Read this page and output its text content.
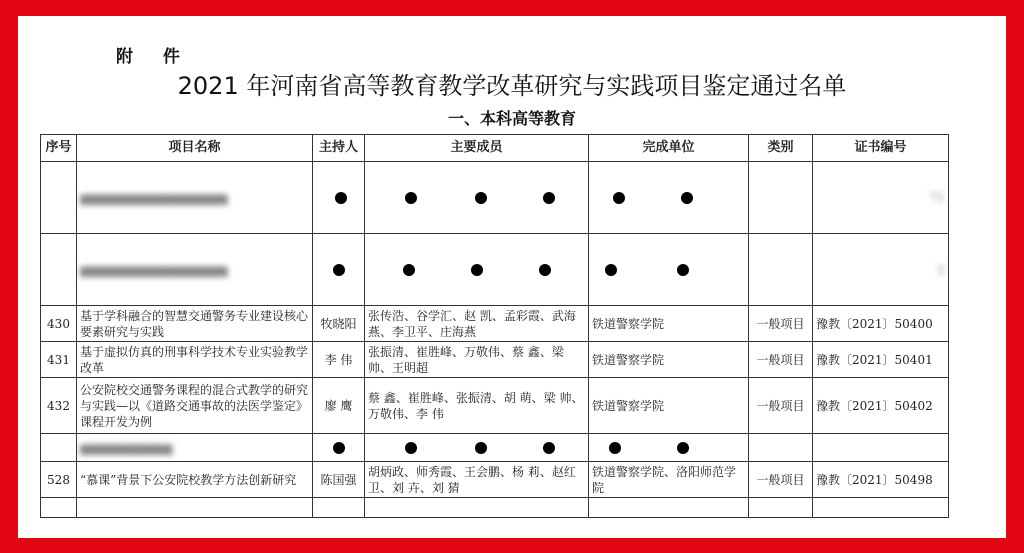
附 件
2021 年河南省高等教育教学改革研究与实践项目鉴定通过名单
一、本科高等教育
序号	项目名称	主持人	主要成员	完成单位	类别	证书编号

	▆▆▆▆▆▆▆▆▆▆▆▆▆▆▆▆					71

	▆▆▆▆▆▆▆▆▆▆▆▆▆▆▆▆					2
430	基于学科融合的智慧交通警务专业建设核心要素研究与实践	牧晓阳	张传浩、谷学汇、赵 凯、孟彩霞、武海燕、李卫平、庄海燕	铁道警察学院	一般项目	豫教〔2021〕50400
431	基于虚拟仿真的刑事科学技术专业实验教学改革	李 伟	张振清、崔胜峰、万敬伟、蔡 鑫、梁 帅、王明超	铁道警察学院	一般项目	豫教〔2021〕50401
432	公安院校交通警务课程的混合式教学的研究与实践—以《道路交通事故的法医学鉴定》课程开发为例	廖 鹰	蔡 鑫、崔胜峰、张振清、胡 萌、梁 帅、万敬伟、李 伟	铁道警察学院	一般项目	豫教〔2021〕50402

	▆▆▆▆▆▆▆▆▆▆					

528	“慕课”背景下公安院校教学方法创新研究	陈国强	胡炳政、师秀霞、王会鹏、杨 莉、赵红卫、刘 卉、刘 猜	铁道警察学院、洛阳师范学院	一般项目	豫教〔2021〕50498
